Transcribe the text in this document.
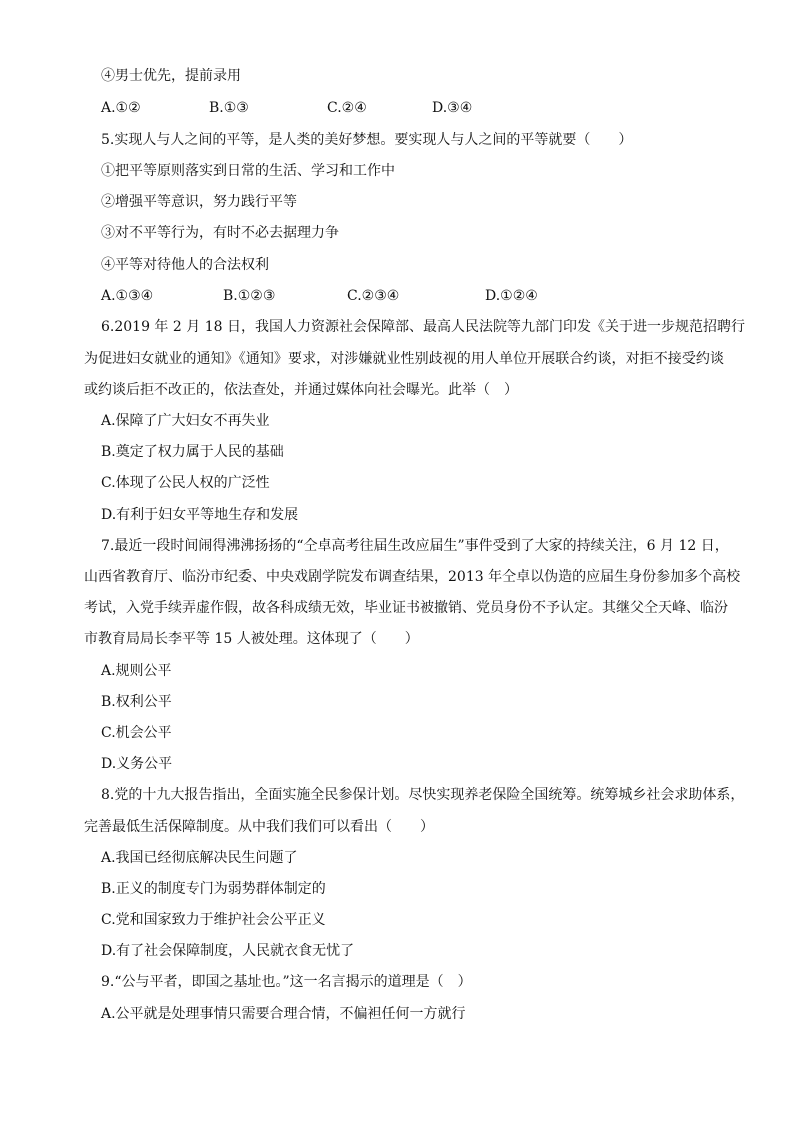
④男士优先，提前录用
A.①②	B.①③	C.②④	D.③④
5.实现人与人之间的平等，是人类的美好梦想。要实现人与人之间的平等就要（　　）
①把平等原则落实到日常的生活、学习和工作中
②增强平等意识，努力践行平等
③对不平等行为，有时不必去据理力争
④平等对待他人的合法权利
A.①③④	B.①②③	C.②③④	D.①②④
6.2019 年 2 月 18 日，我国人力资源社会保障部、最高人民法院等九部门印发《关于进一步规范招聘行
为促进妇女就业的通知》《通知》要求，对涉嫌就业性别歧视的用人单位开展联合约谈，对拒不接受约谈
或约谈后拒不改正的，依法查处，并通过媒体向社会曝光。此举（　）
A.保障了广大妇女不再失业
B.奠定了权力属于人民的基础
C.体现了公民人权的广泛性
D.有利于妇女平等地生存和发展
7.最近一段时间闹得沸沸扬扬的“仝卓高考往届生改应届生”事件受到了大家的持续关注，6 月 12 日，
山西省教育厅、临汾市纪委、中央戏剧学院发布调查结果，2013 年仝卓以伪造的应届生身份参加多个高校
考试，入党手续弄虚作假，故各科成绩无效，毕业证书被撤销、党员身份不予认定。其继父仝天峰、临汾
市教育局局长李平等 15 人被处理。这体现了（　　）
A.规则公平
B.权利公平
C.机会公平
D.义务公平
8.党的十九大报告指出，全面实施全民参保计划。尽快实现养老保险全国统筹。统筹城乡社会求助体系，
完善最低生活保障制度。从中我们我们可以看出（　　）
A.我国已经彻底解决民生问题了
B.正义的制度专门为弱势群体制定的
C.党和国家致力于维护社会公平正义
D.有了社会保障制度，人民就衣食无忧了
9.“公与平者，即国之基址也。”这一名言揭示的道理是（　）
A.公平就是处理事情只需要合理合情，不偏袒任何一方就行
